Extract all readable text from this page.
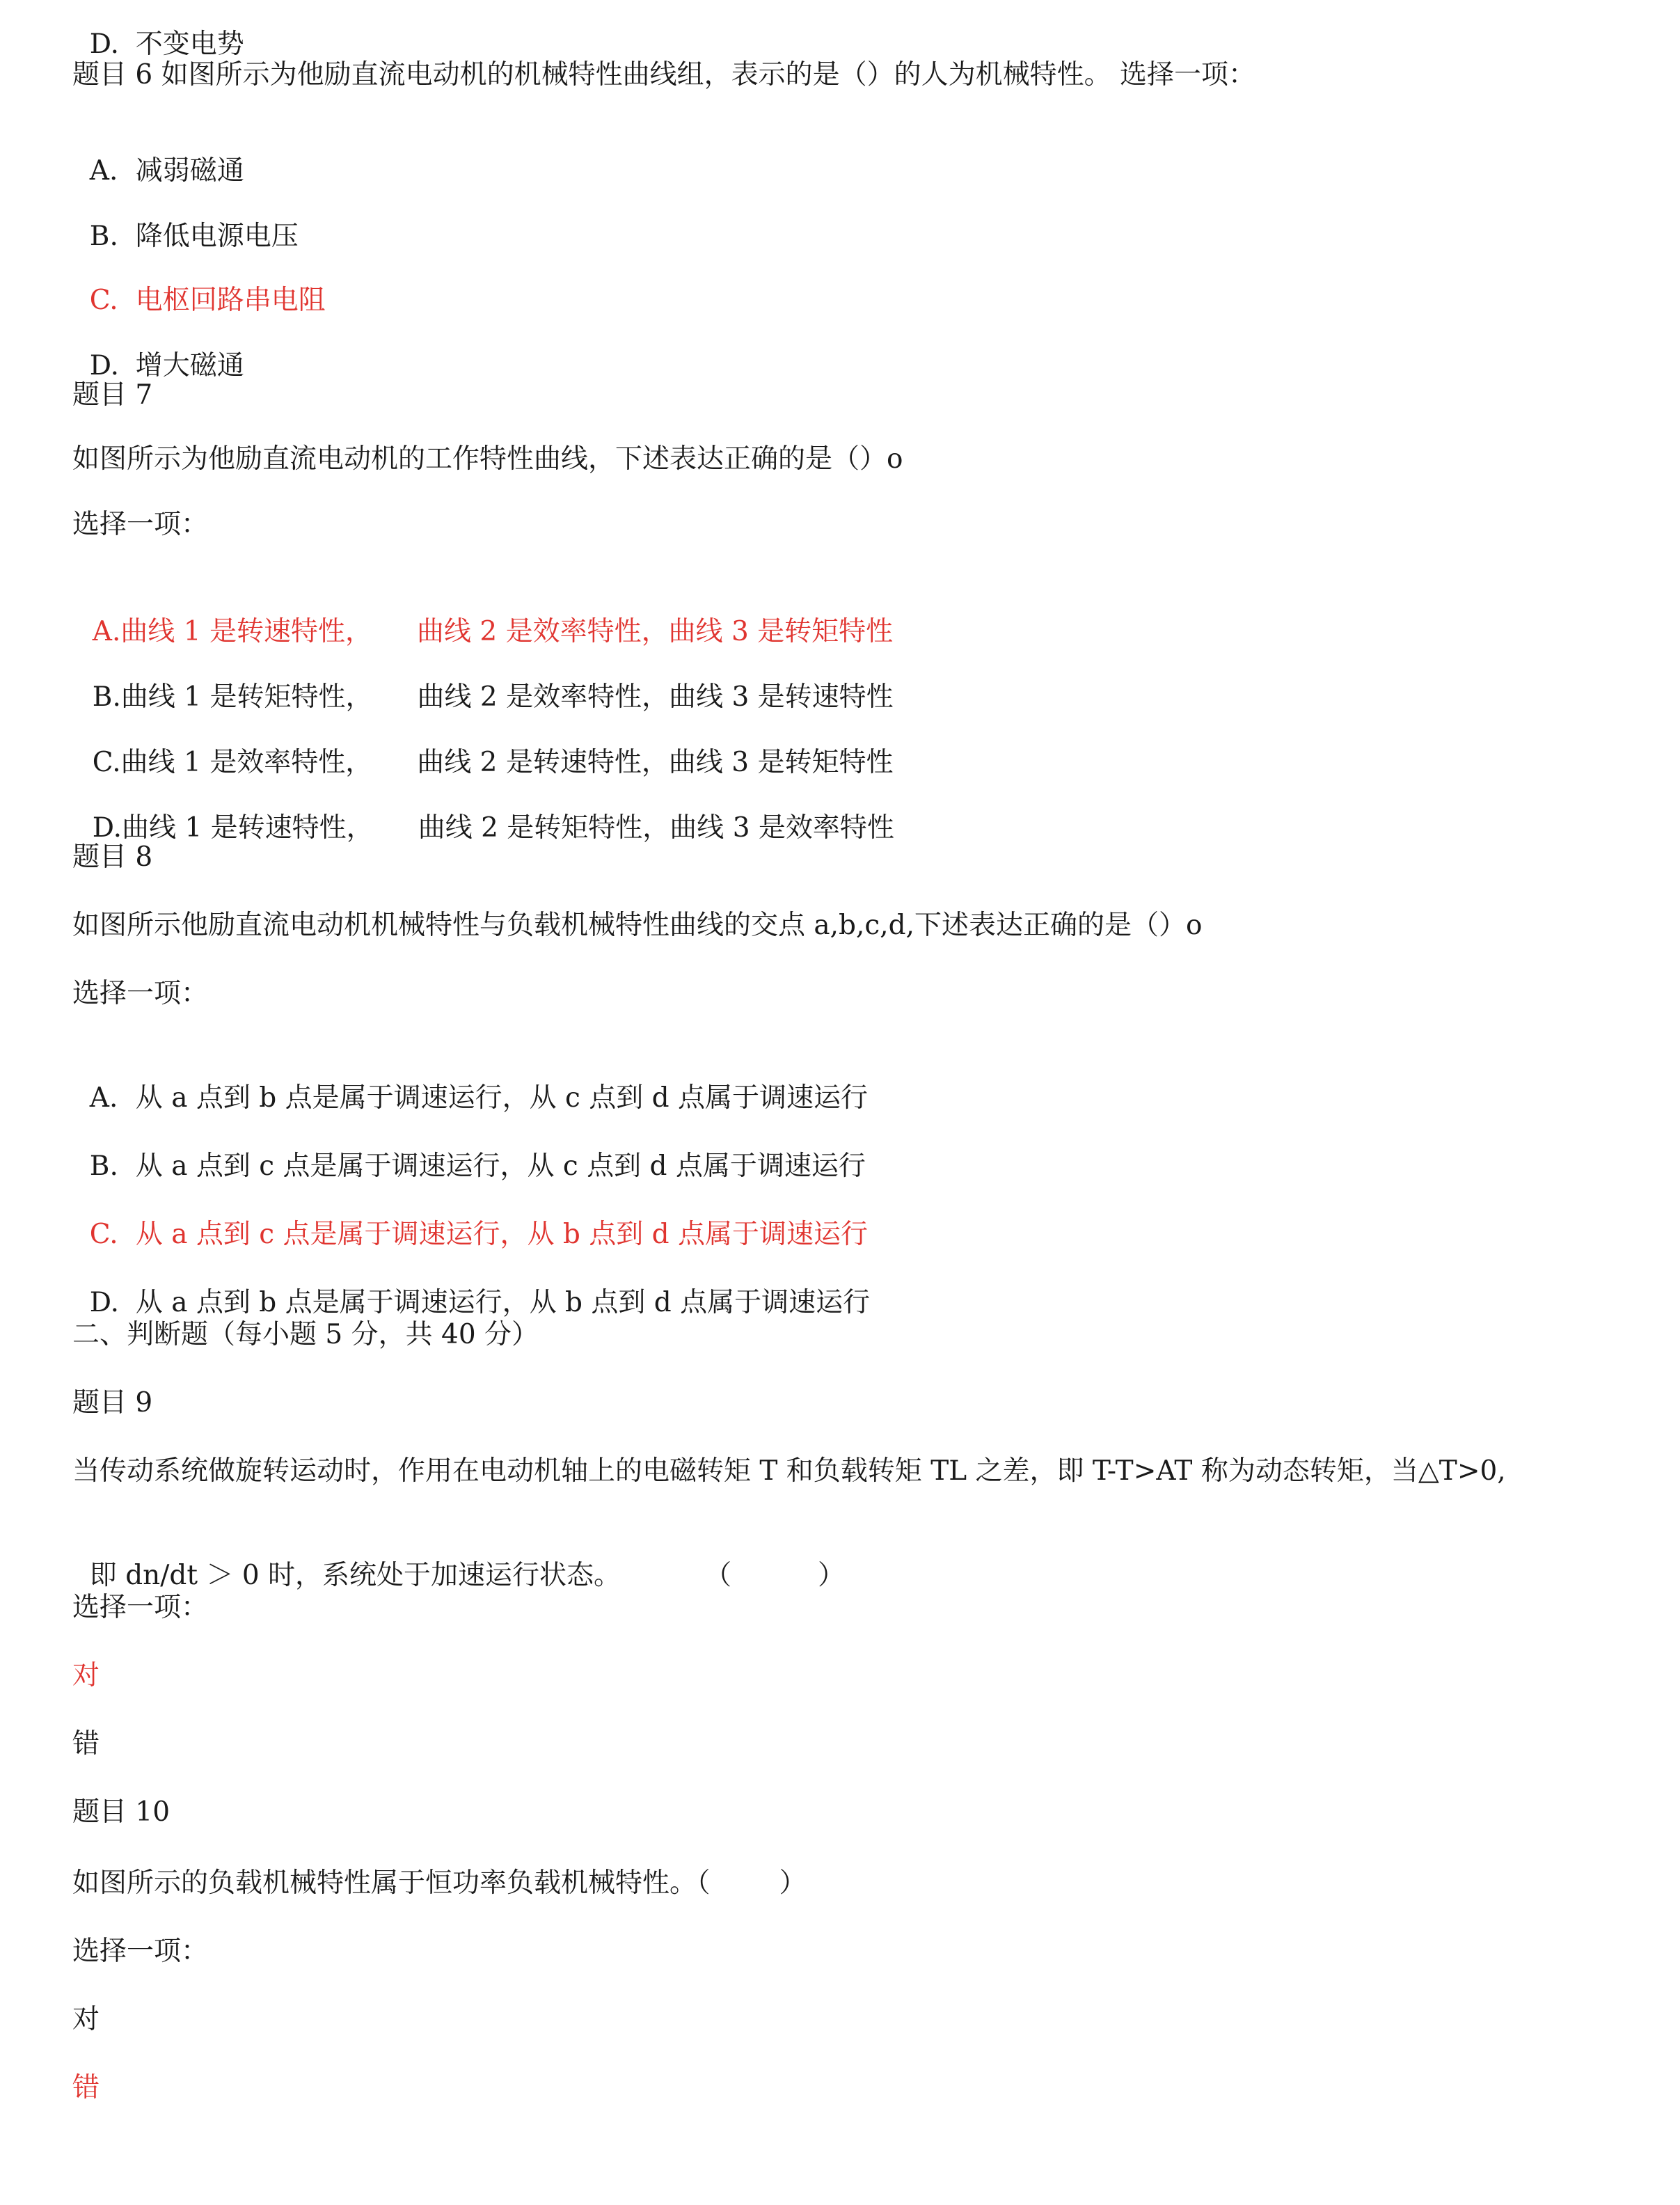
D. 不变电势

题目 6 如图所示为他励直流电动机的机械特性曲线组，表示的是（）的人为机械特性。 选择一项：

A. 减弱磁通

B. 降低电源电压

C. 电枢回路串电阻

D. 增大磁通

题目 7

如图所示为他励直流电动机的工作特性曲线，下述表达正确的是（）o

选择一项：

A.曲线 1 是转速特性， 曲线 2 是效率特性，曲线 3 是转矩特性

B.曲线 1 是转矩特性， 曲线 2 是效率特性，曲线 3 是转速特性

C.曲线 1 是效率特性， 曲线 2 是转速特性，曲线 3 是转矩特性

D.曲线 1 是转速特性， 曲线 2 是转矩特性，曲线 3 是效率特性

题目 8

如图所示他励直流电动机机械特性与负载机械特性曲线的交点 a,b,c,d,下述表达正确的是（）o

选择一项：

A. 从 a 点到 b 点是属于调速运行，从 c 点到 d 点属于调速运行

B. 从 a 点到 c 点是属于调速运行，从 c 点到 d 点属于调速运行

C. 从 a 点到 c 点是属于调速运行，从 b 点到 d 点属于调速运行

D. 从 a 点到 b 点是属于调速运行，从 b 点到 d 点属于调速运行

二、判断题（每小题 5 分，共 40 分）

题目 9

当传动系统做旋转运动时，作用在电动机轴上的电磁转矩 T 和负载转矩 TL 之差，即 T-T>AT 称为动态转矩，当△T>0,

即 dn/dt ＞ 0 时，系统处于加速运行状态。	（          ）

选择一项：

对

错

题目 10

如图所示的负载机械特性属于恒功率负载机械特性。（        ）

选择一项：

对

错
